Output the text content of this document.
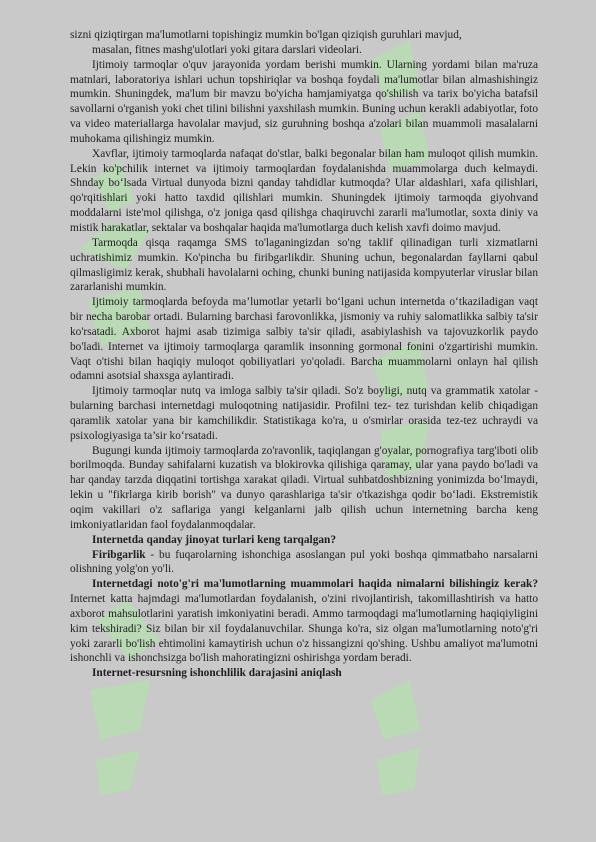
sizni qiziqtirgan ma'lumotlarni topishingiz mumkin bo'lgan qiziqish guruhlari mavjud,

masalan, fitnes mashg'ulotlari yoki gitara darslari videolari.

Ijtimoiy tarmoqlar o'quv jarayonida yordam berishi mumkin. Ularning yordami bilan ma'ruza matnlari, laboratoriya ishlari uchun topshiriqlar va boshqa foydali ma'lumotlar bilan almashishingiz mumkin. Shuningdek, ma'lum bir mavzu bo'yicha hamjamiyatga qo'shilish va tarix bo'yicha batafsil savollarni o'rganish yoki chet tilini bilishni yaxshilash mumkin. Buning uchun kerakli adabiyotlar, foto va video materiallarga havolalar mavjud, siz guruhning boshqa a'zolari bilan muammoli masalalarni muhokama qilishingiz mumkin.

Xavflar, ijtimoiy tarmoqlarda nafaqat do'stlar, balki begonalar bilan ham muloqot qilish mumkin. Lekin ko'pchilik internet va ijtimoiy tarmoqlardan foydalanishda muammolarga duch kelmaydi. Shnday bo‘lsada Virtual dunyoda bizni qanday tahdidlar kutmoqda? Ular aldashlari, xafa qilishlari, qo'rqitishlari yoki hatto taxdid qilishlari mumkin. Shuningdek ijtimoiy tarmoqda giyohvand moddalarni iste'mol qilishga, o'z joniga qasd qilishga chaqiruvchi zararli ma'lumotlar, soxta diniy va mistik harakatlar, sektalar va boshqalar haqida ma'lumotlarga duch kelish xavfi doimo mavjud.

Tarmoqda qisqa raqamga SMS to'laganingizdan so'ng taklif qilinadigan turli xizmatlarni uchratishimiz mumkin. Ko'pincha bu firibgarlikdir. Shuning uchun, begonalardan fayllarni qabul qilmasligimiz kerak, shubhali havolalarni oching, chunki buning natijasida kompyuterlar viruslar bilan zararlanishi mumkin.

Ijtimoiy tarmoqlarda befoyda ma’lumotlar yetarli bo‘lgani uchun internetda o‘tkaziladigan vaqt bir necha barobar ortadi. Bularning barchasi farovonlikka, jismoniy va ruhiy salomatlikka salbiy ta'sir ko'rsatadi. Axborot hajmi asab tizimiga salbiy ta'sir qiladi, asabiylashish va tajovuzkorlik paydo bo'ladi. Internet va ijtimoiy tarmoqlarga qaramlik insonning gormonal fonini o'zgartirishi mumkin. Vaqt o'tishi bilan haqiqiy muloqot qobiliyatlari yo'qoladi. Barcha muammolarni onlayn hal qilish odamni asotsial shaxsga aylantiradi.

Ijtimoiy tarmoqlar nutq va imloga salbiy ta'sir qiladi. So'z boyligi, nutq va grammatik xatolar - bularning barchasi internetdagi muloqotning natijasidir. Profilni tez- tez turishdan kelib chiqadigan qaramlik xatolar yana bir kamchilikdir. Statistikaga ko'ra, u o'smirlar orasida tez-tez uchraydi va psixologiyasiga ta’sir ko‘rsatadi.

Bugungi kunda ijtimoiy tarmoqlarda zo'ravonlik, taqiqlangan g'oyalar, pornografiya targ'iboti olib borilmoqda. Bunday sahifalarni kuzatish va blokirovka qilishiga qaramay, ular yana paydo bo'ladi va har qanday tarzda diqqatini tortishga xarakat qiladi. Virtual suhbatdoshbizning yonimizda bo‘lmaydi, lekin u "fikrlarga kirib borish" va dunyo qarashlariga ta'sir o'tkazishga qodir bo‘ladi. Ekstremistik oqim vakillari o'z saflariga yangi kelganlarni jalb qilish uchun internetning barcha keng imkoniyatlaridan faol foydalanmoqdalar.

Internetda qanday jinoyat turlari keng tarqalgan?

Firibgarlik - bu fuqarolarning ishonchiga asoslangan pul yoki boshqa qimmatbaho narsalarni olishning yolg'on yo'li.

Internetdagi noto'g'ri ma'lumotlarning muammolari haqida nimalarni bilishingiz kerak? Internet katta hajmdagi ma'lumotlardan foydalanish, o'zini rivojlantirish, takomillashtirish va hatto axborot mahsulotlarini yaratish imkoniyatini beradi. Ammo tarmoqdagi ma'lumotlarning haqiqiyligini kim tekshiradi? Siz bilan bir xil foydalanuvchilar. Shunga ko'ra, siz olgan ma'lumotlarning noto'g'ri yoki zararli bo'lish ehtimolini kamaytirish uchun o'z hissangizni qo'shing. Ushbu amaliyot ma'lumotni ishonchli va ishonchsizga bo'lish mahoratingizni oshirishga yordam beradi.

Internet-resursning ishonchlilik darajasini aniqlash
